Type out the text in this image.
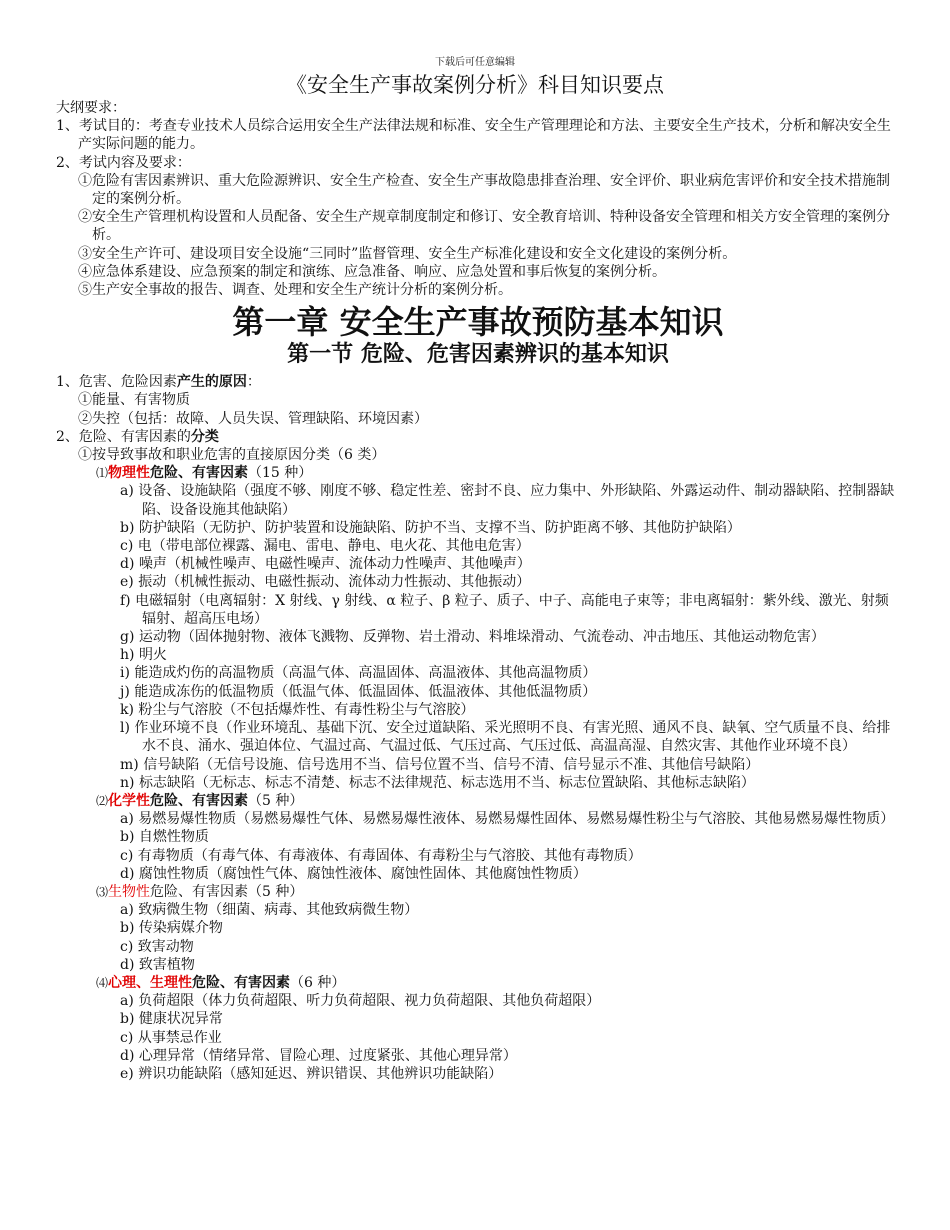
下载后可任意编辑
《安全生产事故案例分析》科目知识要点
大纲要求：
1、考试目的：考查专业技术人员综合运用安全生产法律法规和标准、安全生产管理理论和方法、主要安全生产技术，分析和解决安全生产实际问题的能力。
2、考试内容及要求：
①危险有害因素辨识、重大危险源辨识、安全生产检查、安全生产事故隐患排查治理、安全评价、职业病危害评价和安全技术措施制定的案例分析。
②安全生产管理机构设置和人员配备、安全生产规章制度制定和修订、安全教育培训、特种设备安全管理和相关方安全管理的案例分析。
③安全生产许可、建设项目安全设施“三同时”监督管理、安全生产标准化建设和安全文化建设的案例分析。
④应急体系建设、应急预案的制定和演练、应急准备、响应、应急处置和事后恢复的案例分析。
⑤生产安全事故的报告、调查、处理和安全生产统计分析的案例分析。
第一章 安全生产事故预防基本知识
第一节 危险、危害因素辨识的基本知识
1、危害、危险因素产生的原因：
①能量、有害物质
②失控（包括：故障、人员失误、管理缺陷、环境因素）
2、危险、有害因素的分类
①按导致事故和职业危害的直接原因分类（6 类）
⑴物理性危险、有害因素（15 种）
a) 设备、设施缺陷（强度不够、刚度不够、稳定性差、密封不良、应力集中、外形缺陷、外露运动件、制动器缺陷、控制器缺陷、设备设施其他缺陷）
b) 防护缺陷（无防护、防护装置和设施缺陷、防护不当、支撑不当、防护距离不够、其他防护缺陷）
c) 电（带电部位裸露、漏电、雷电、静电、电火花、其他电危害）
d) 噪声（机械性噪声、电磁性噪声、流体动力性噪声、其他噪声）
e) 振动（机械性振动、电磁性振动、流体动力性振动、其他振动）
f) 电磁辐射（电离辐射：X 射线、γ 射线、α 粒子、β 粒子、质子、中子、高能电子束等；非电离辐射：紫外线、激光、射频辐射、超高压电场）
g) 运动物（固体抛射物、液体飞溅物、反弹物、岩土滑动、料堆垛滑动、气流卷动、冲击地压、其他运动物危害）
h) 明火
i) 能造成灼伤的高温物质（高温气体、高温固体、高温液体、其他高温物质）
j) 能造成冻伤的低温物质（低温气体、低温固体、低温液体、其他低温物质）
k) 粉尘与气溶胶（不包括爆炸性、有毒性粉尘与气溶胶）
l) 作业环境不良（作业环境乱、基础下沉、安全过道缺陷、采光照明不良、有害光照、通风不良、缺氧、空气质量不良、给排水不良、涌水、强迫体位、气温过高、气温过低、气压过高、气压过低、高温高湿、自然灾害、其他作业环境不良）
m) 信号缺陷（无信号设施、信号选用不当、信号位置不当、信号不清、信号显示不准、其他信号缺陷）
n) 标志缺陷（无标志、标志不清楚、标志不法律规范、标志选用不当、标志位置缺陷、其他标志缺陷）
⑵化学性危险、有害因素（5 种）
a) 易燃易爆性物质（易燃易爆性气体、易燃易爆性液体、易燃易爆性固体、易燃易爆性粉尘与气溶胶、其他易燃易爆性物质）
b) 自燃性物质
c) 有毒物质（有毒气体、有毒液体、有毒固体、有毒粉尘与气溶胶、其他有毒物质）
d) 腐蚀性物质（腐蚀性气体、腐蚀性液体、腐蚀性固体、其他腐蚀性物质）
⑶生物性危险、有害因素（5 种）
a) 致病微生物（细菌、病毒、其他致病微生物）
b) 传染病媒介物
c) 致害动物
d) 致害植物
⑷心理、生理性危险、有害因素（6 种）
a) 负荷超限（体力负荷超限、听力负荷超限、视力负荷超限、其他负荷超限）
b) 健康状况异常
c) 从事禁忌作业
d) 心理异常（情绪异常、冒险心理、过度紧张、其他心理异常）
e) 辨识功能缺陷（感知延迟、辨识错误、其他辨识功能缺陷）
